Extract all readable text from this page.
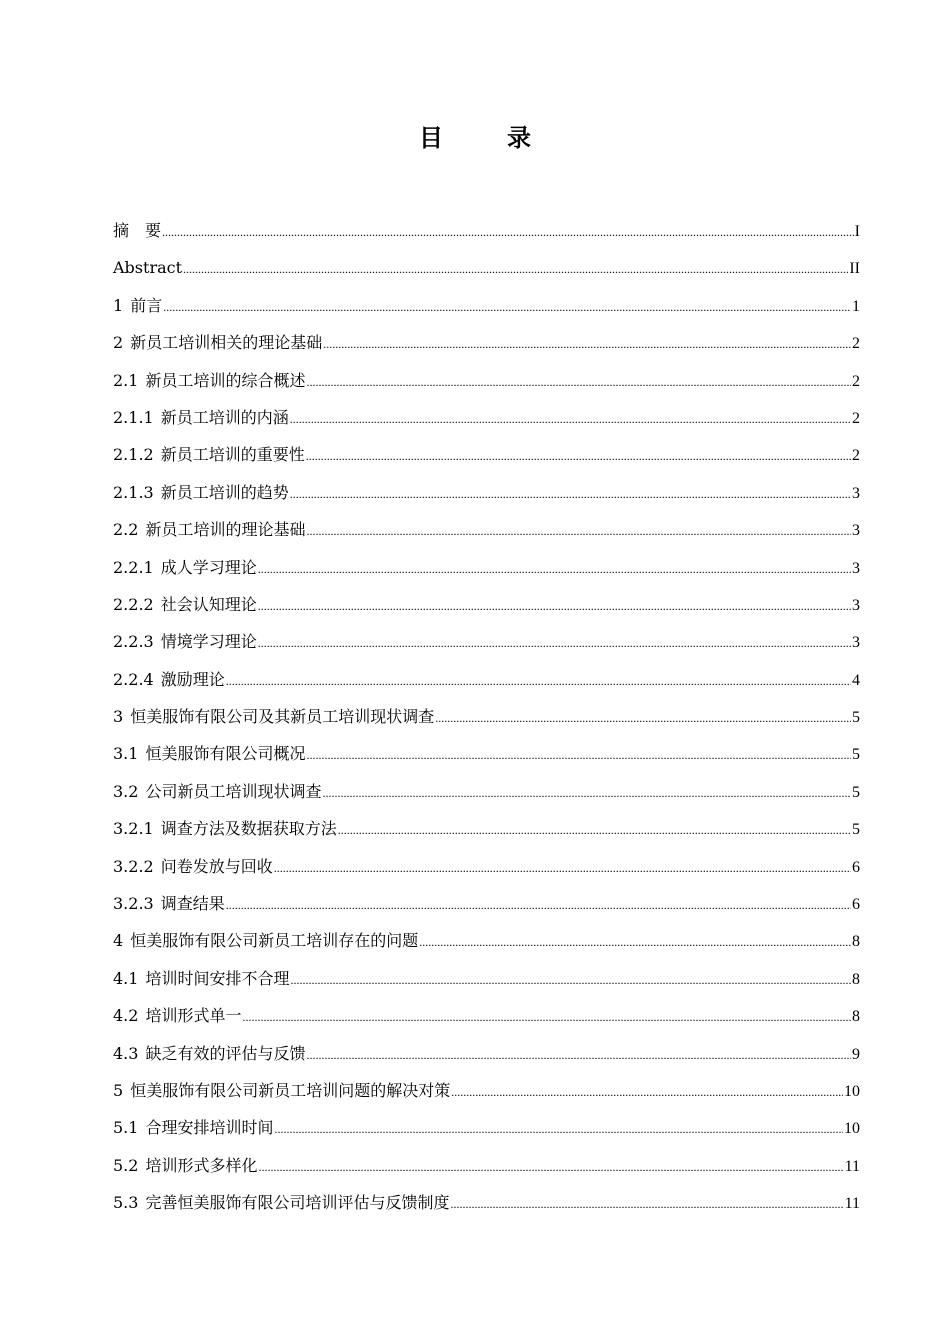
目　录
摘　要 .....	I
Abstract .....	II
1 前言 .....	1
2 新员工培训相关的理论基础 .....	2
2.1 新员工培训的综合概述 .....	2
2.1.1 新员工培训的内涵 .....	2
2.1.2 新员工培训的重要性 .....	2
2.1.3 新员工培训的趋势 .....	3
2.2 新员工培训的理论基础 .....	3
2.2.1 成人学习理论 .....	3
2.2.2 社会认知理论 .....	3
2.2.3 情境学习理论 .....	3
2.2.4 激励理论 .....	4
3 恒美服饰有限公司及其新员工培训现状调查 .....	5
3.1 恒美服饰有限公司概况 .....	5
3.2 公司新员工培训现状调查 .....	5
3.2.1 调查方法及数据获取方法 .....	5
3.2.2 问卷发放与回收 .....	6
3.2.3 调查结果 .....	6
4 恒美服饰有限公司新员工培训存在的问题 .....	8
4.1 培训时间安排不合理 .....	8
4.2 培训形式单一 .....	8
4.3 缺乏有效的评估与反馈 .....	9
5 恒美服饰有限公司新员工培训问题的解决对策 .....	10
5.1 合理安排培训时间 .....	10
5.2 培训形式多样化 .....	11
5.3 完善恒美服饰有限公司培训评估与反馈制度 .....	11
